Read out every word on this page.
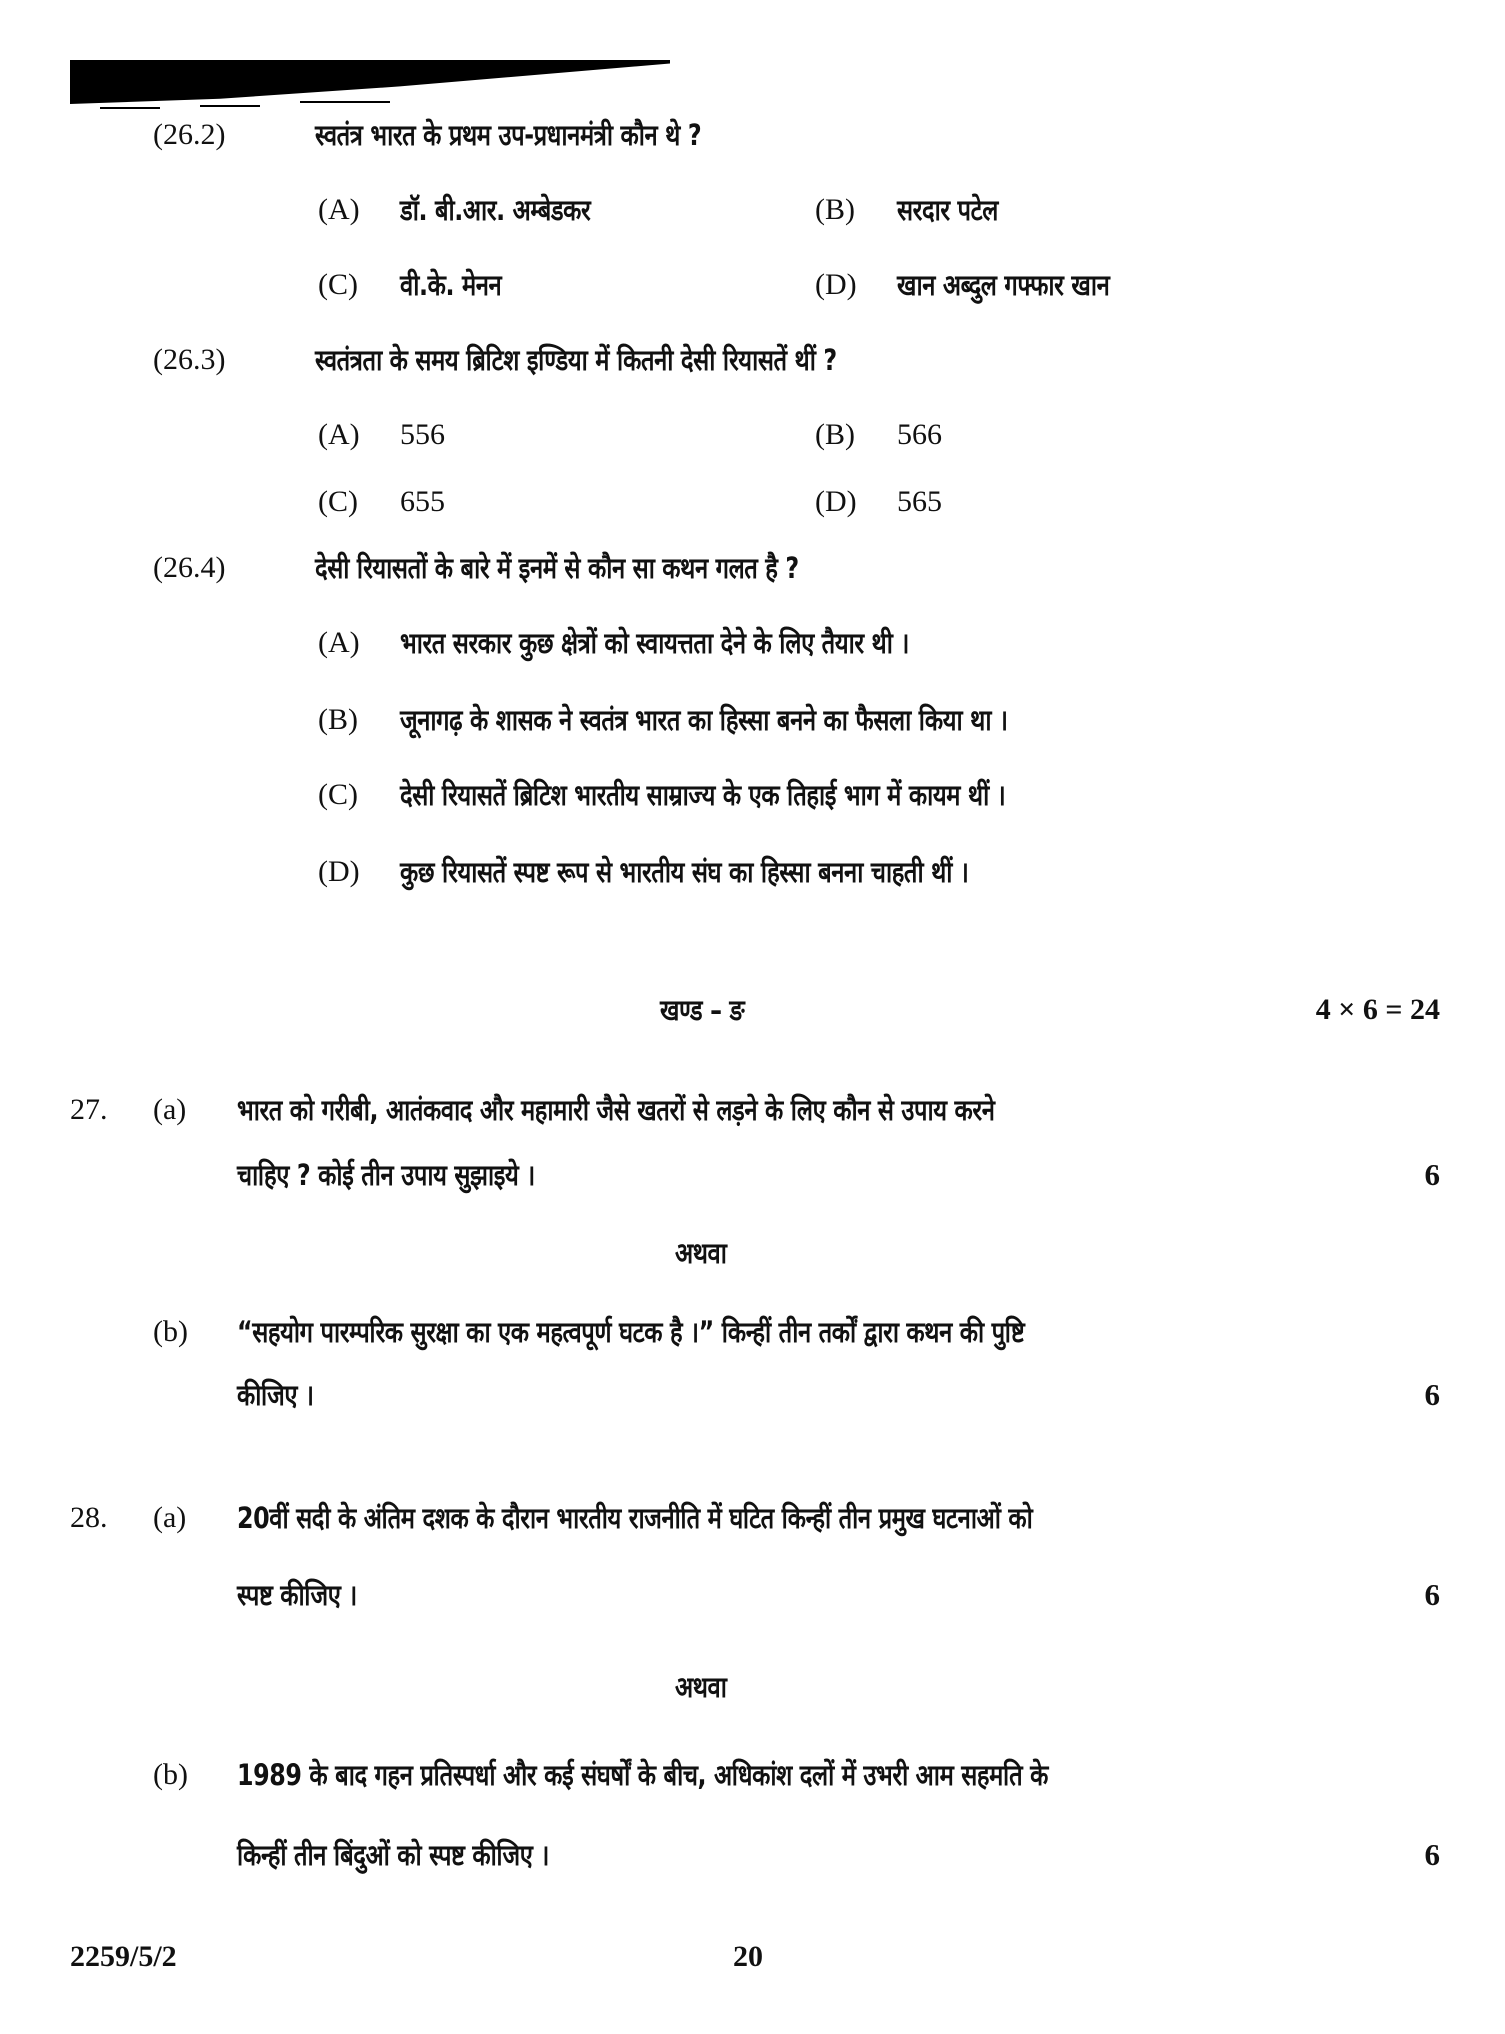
(26.2)	स्वतंत्र भारत के प्रथम उप-प्रधानमंत्री कौन थे ?
(A) डॉ. बी.आर. अम्बेडकर	(B) सरदार पटेल
(C) वी.के. मेनन	(D) खान अब्दुल गफ्फार खान
(26.3)	स्वतंत्रता के समय ब्रिटिश इण्डिया में कितनी देसी रियासतें थीं ?
(A) 556	(B) 566
(C) 655	(D) 565
(26.4)	देसी रियासतों के बारे में इनमें से कौन सा कथन गलत है ?
(A) भारत सरकार कुछ क्षेत्रों को स्वायत्तता देने के लिए तैयार थी ।
(B) जूनागढ़ के शासक ने स्वतंत्र भारत का हिस्सा बनने का फैसला किया था ।
(C) देसी रियासतें ब्रिटिश भारतीय साम्राज्य के एक तिहाई भाग में कायम थीं ।
(D) कुछ रियासतें स्पष्ट रूप से भारतीय संघ का हिस्सा बनना चाहती थीं ।
खण्ड – ङ	4 × 6 = 24
27. (a) भारत को गरीबी, आतंकवाद और महामारी जैसे खतरों से लड़ने के लिए कौन से उपाय करने
चाहिए ? कोई तीन उपाय सुझाइये ।	6
अथवा
(b) “सहयोग पारम्परिक सुरक्षा का एक महत्वपूर्ण घटक है ।” किन्हीं तीन तर्कों द्वारा कथन की पुष्टि
कीजिए ।	6
28. (a) 20वीं सदी के अंतिम दशक के दौरान भारतीय राजनीति में घटित किन्हीं तीन प्रमुख घटनाओं को
स्पष्ट कीजिए ।	6
अथवा
(b) 1989 के बाद गहन प्रतिस्पर्धा और कई संघर्षों के बीच, अधिकांश दलों में उभरी आम सहमति के
किन्हीं तीन बिंदुओं को स्पष्ट कीजिए ।	6
2259/5/2	20
